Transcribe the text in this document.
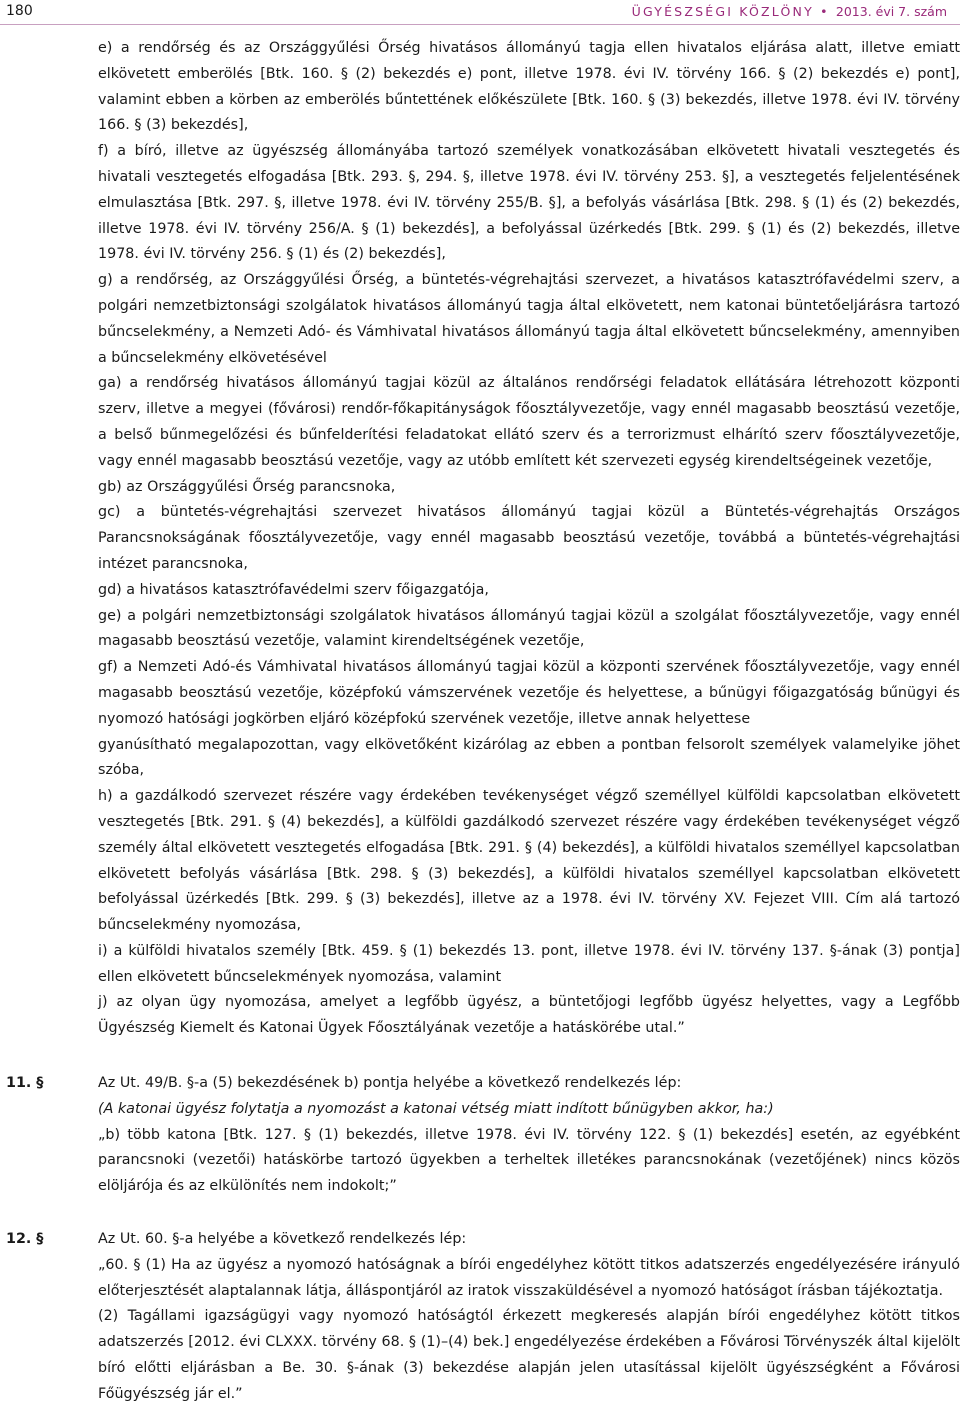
180	ÜGYÉSZSÉGI KÖZLÖNY • 2013. évi 7. szám

e) a rendőrség és az Országgyűlési Őrség hivatásos állományú tagja ellen hivatalos eljárása alatt, illetve emiatt elkövetett emberölés [Btk. 160. § (2) bekezdés e) pont, illetve 1978. évi IV. törvény 166. § (2) bekezdés e) pont], valamint ebben a körben az emberölés bűntettének előkészülete [Btk. 160. § (3) bekezdés, illetve 1978. évi IV. törvény 166. § (3) bekezdés],

f) a bíró, illetve az ügyészség állományába tartozó személyek vonatkozásában elkövetett hivatali vesztegetés és hivatali vesztegetés elfogadása [Btk. 293. §, 294. §, illetve 1978. évi IV. törvény 253. §], a vesztegetés feljelentésének elmulasztása [Btk. 297. §, illetve 1978. évi IV. törvény 255/B. §], a befolyás vásárlása [Btk. 298. § (1) és (2) bekezdés, illetve 1978. évi IV. törvény 256/A. § (1) bekezdés], a befolyással üzérkedés [Btk. 299. § (1) és (2) bekezdés, illetve 1978. évi IV. törvény 256. § (1) és (2) bekezdés],

g) a rendőrség, az Országgyűlési Őrség, a büntetés-végrehajtási szervezet, a hivatásos katasztrófavédelmi szerv, a polgári nemzetbiztonsági szolgálatok hivatásos állományú tagja által elkövetett, nem katonai büntetőeljárásra tartozó bűncselekmény, a Nemzeti Adó- és Vámhivatal hivatásos állományú tagja által elkövetett bűncselekmény, amennyiben a bűncselekmény elkövetésével

ga) a rendőrség hivatásos állományú tagjai közül az általános rendőrségi feladatok ellátására létrehozott központi szerv, illetve a megyei (fővárosi) rendőr-főkapitányságok főosztályvezetője, vagy ennél magasabb beosztású vezetője, a belső bűnmegelőzési és bűnfelderítési feladatokat ellátó szerv és a terrorizmust elhárító szerv főosztályvezetője, vagy ennél magasabb beosztású vezetője, vagy az utóbb említett két szervezeti egység kirendeltségeinek vezetője,

gb) az Országgyűlési Őrség parancsnoka,

gc) a büntetés-végrehajtási szervezet hivatásos állományú tagjai közül a Büntetés-végrehajtás Országos Parancsnokságának főosztályvezetője, vagy ennél magasabb beosztású vezetője, továbbá a büntetés-végrehajtási intézet parancsnoka,

gd) a hivatásos katasztrófavédelmi szerv főigazgatója,

ge) a polgári nemzetbiztonsági szolgálatok hivatásos állományú tagjai közül a szolgálat főosztályvezetője, vagy ennél magasabb beosztású vezetője, valamint kirendeltségének vezetője,

gf) a Nemzeti Adó-és Vámhivatal hivatásos állományú tagjai közül a központi szervének főosztályvezetője, vagy ennél magasabb beosztású vezetője, középfokú vámszervének vezetője és helyettese, a bűnügyi főigazgatóság bűnügyi és nyomozó hatósági jogkörben eljáró középfokú szervének vezetője, illetve annak helyettese

gyanúsítható megalapozottan, vagy elkövetőként kizárólag az ebben a pontban felsorolt személyek valamelyike jöhet szóba,

h) a gazdálkodó szervezet részére vagy érdekében tevékenységet végző személlyel külföldi kapcsolatban elkövetett vesztegetés [Btk. 291. § (4) bekezdés], a külföldi gazdálkodó szervezet részére vagy érdekében tevékenységet végző személy által elkövetett vesztegetés elfogadása [Btk. 291. § (4) bekezdés], a külföldi hivatalos személlyel kapcsolatban elkövetett befolyás vásárlása [Btk. 298. § (3) bekezdés], a külföldi hivatalos személlyel kapcsolatban elkövetett befolyással üzérkedés [Btk. 299. § (3) bekezdés], illetve az a 1978. évi IV. törvény XV. Fejezet VIII. Cím alá tartozó bűncselekmény nyomozása,

i) a külföldi hivatalos személy [Btk. 459. § (1) bekezdés 13. pont, illetve 1978. évi IV. törvény 137. §-ának (3) pontja] ellen elkövetett bűncselekmények nyomozása, valamint

j) az olyan ügy nyomozása, amelyet a legfőbb ügyész, a büntetőjogi legfőbb ügyész helyettes, vagy a Legfőbb Ügyészség Kiemelt és Katonai Ügyek Főosztályának vezetője a hatáskörébe utal.”

11. §	Az Ut. 49/B. §-a (5) bekezdésének b) pontja helyébe a következő rendelkezés lép:

(A katonai ügyész folytatja a nyomozást a katonai vétség miatt indított bűnügyben akkor, ha:)

„b) több katona [Btk. 127. § (1) bekezdés, illetve 1978. évi IV. törvény 122. § (1) bekezdés] esetén, az egyébként parancsnoki (vezetői) hatáskörbe tartozó ügyekben a terheltek illetékes parancsnokának (vezetőjének) nincs közös elöljárója és az elkülönítés nem indokolt;”

12. §	Az Ut. 60. §-a helyébe a következő rendelkezés lép:

„60. § (1) Ha az ügyész a nyomozó hatóságnak a bírói engedélyhez kötött titkos adatszerzés engedélyezésére irányuló előterjesztését alaptalannak látja, álláspontjáról az iratok visszaküldésével a nyomozó hatóságot írásban tájékoztatja.

(2) Tagállami igazságügyi vagy nyomozó hatóságtól érkezett megkeresés alapján bírói engedélyhez kötött titkos adatszerzés [2012. évi CLXXX. törvény 68. § (1)–(4) bek.] engedélyezése érdekében a Fővárosi Törvényszék által kijelölt bíró előtti eljárásban a Be. 30. §-ának (3) bekezdése alapján jelen utasítással kijelölt ügyészségként a Fővárosi Főügyészség jár el.”
